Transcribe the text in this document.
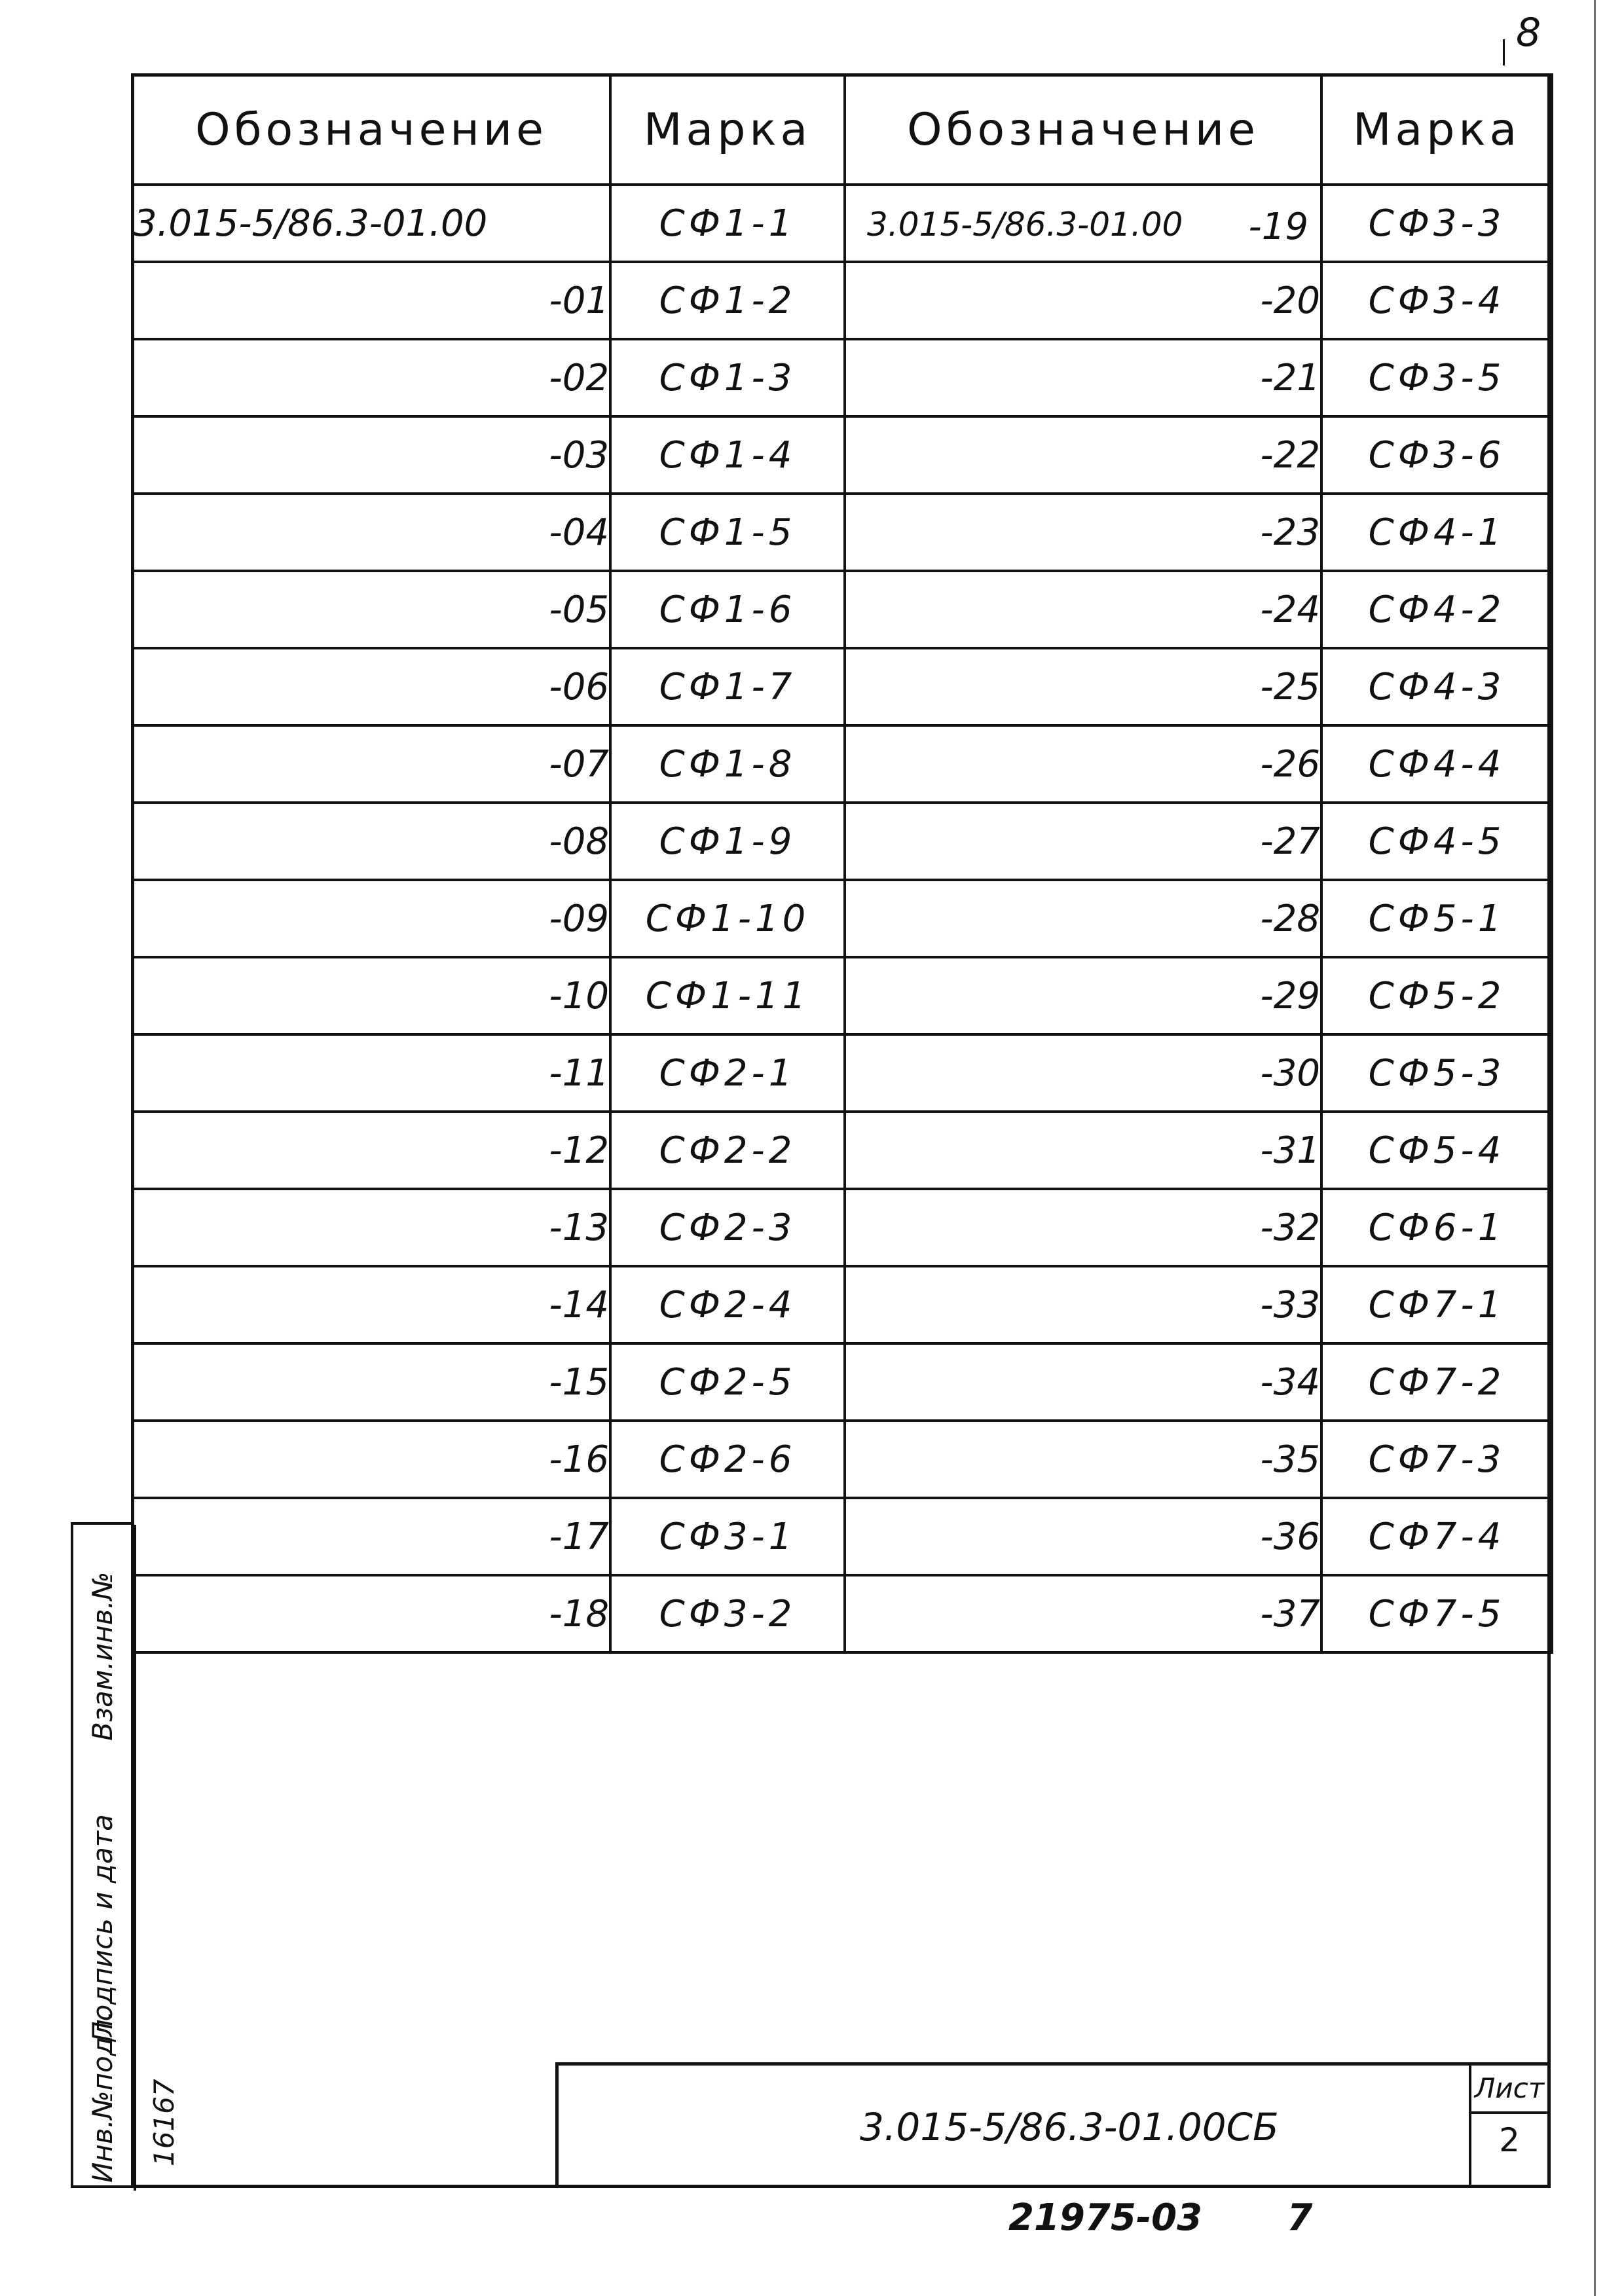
8
Обозначение	Марка	Обозначение	Марка
3.015-5/86.3-01.00	СФ1-1	3.015-5/86.3-01.00 -19	СФ3-3
-01	СФ1-2	-20	СФ3-4
-02	СФ1-3	-21	СФ3-5
-03	СФ1-4	-22	СФ3-6
-04	СФ1-5	-23	СФ4-1
-05	СФ1-6	-24	СФ4-2
-06	СФ1-7	-25	СФ4-3
-07	СФ1-8	-26	СФ4-4
-08	СФ1-9	-27	СФ4-5
-09	СФ1-10	-28	СФ5-1
-10	СФ1-11	-29	СФ5-2
-11	СФ2-1	-30	СФ5-3
-12	СФ2-2	-31	СФ5-4
-13	СФ2-3	-32	СФ6-1
-14	СФ2-4	-33	СФ7-1
-15	СФ2-5	-34	СФ7-2
-16	СФ2-6	-35	СФ7-3
-17	СФ3-1	-36	СФ7-4
-18	СФ3-2	-37	СФ7-5
16167
Инв.№подл.
Подпись и дата
Взам.инв.№
3.015-5/86.3-01.00СБ
Лист
2
21975-03 7
